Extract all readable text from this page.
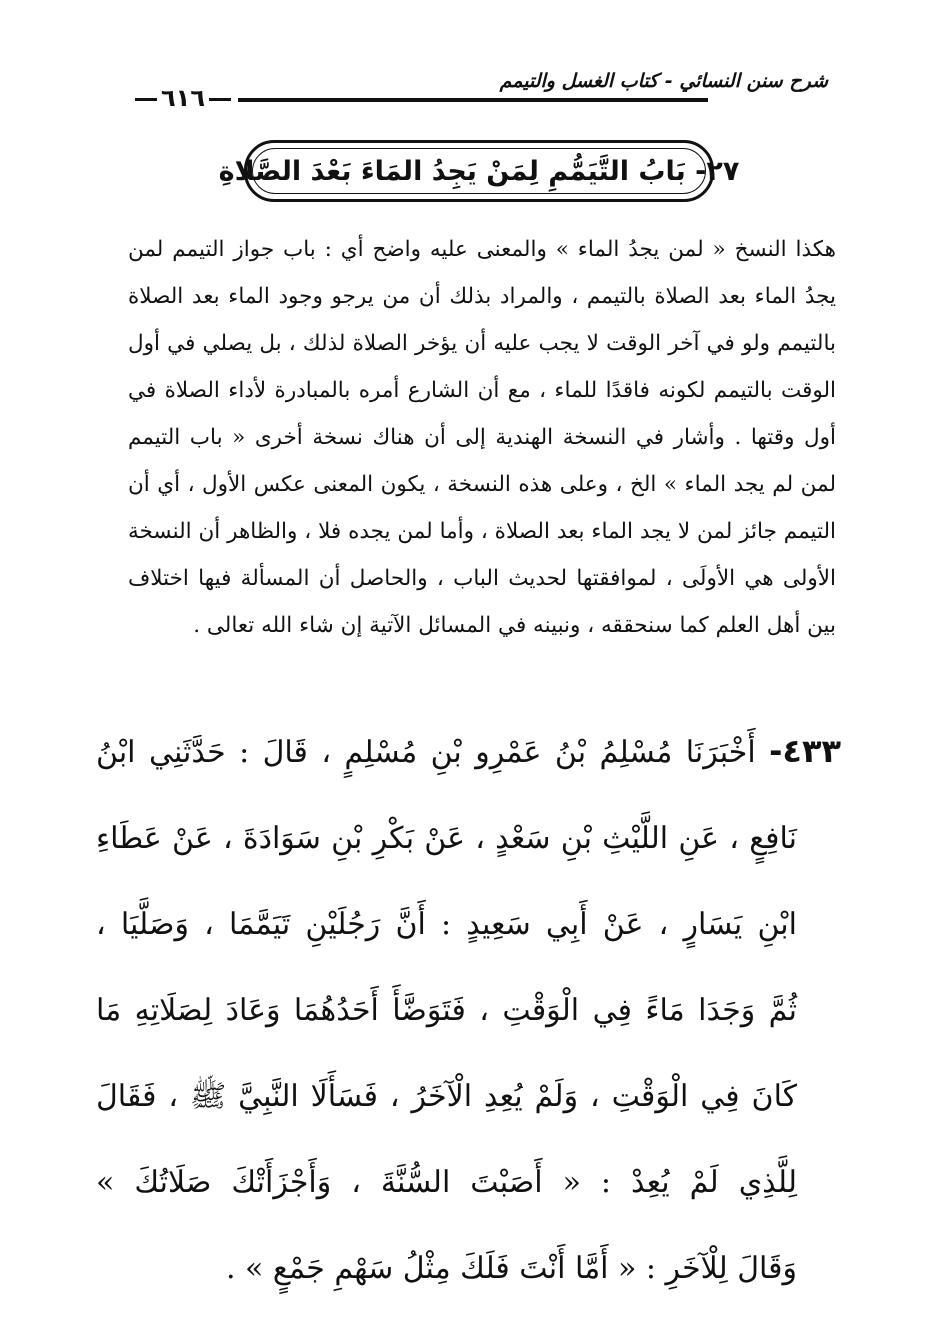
شرح سنن النسائي - كتاب الغسل والتيمم
٦١٦
٢٧- بَابُ التَّيَمُّمِ لِمَنْ يَجِدُ المَاءَ بَعْدَ الصَّلاةِ

هكذا النسخ « لمن يجدُ الماء » والمعنى عليه واضح أي : باب جواز التيمم لمن يجدُ الماء بعد الصلاة بالتيمم ، والمراد بذلك أن من يرجو وجود الماء بعد الصلاة بالتيمم ولو في آخر الوقت لا يجب عليه أن يؤخر الصلاة لذلك ، بل يصلي في أول الوقت بالتيمم لكونه فاقدًا للماء ، مع أن الشارع أمره بالمبادرة لأداء الصلاة في أول وقتها . وأشار في النسخة الهندية إلى أن هناك نسخة أخرى « باب التيمم لمن لم يجد الماء » الخ ، وعلى هذه النسخة ، يكون المعنى عكس الأول ، أي أن التيمم جائز لمن لا يجد الماء بعد الصلاة ، وأما لمن يجده فلا ، والظاهر أن النسخة الأولى هي الأولَى ، لموافقتها لحديث الباب ، والحاصل أن المسألة فيها اختلاف بين أهل العلم كما سنحققه ، ونبينه في المسائل الآتية إن شاء الله تعالى .

٤٣٣- أَخْبَرَنَا مُسْلِمُ بْنُ عَمْرِو بْنِ مُسْلِمٍ ، قَالَ : حَدَّثَنِي ابْنُ

نَافِعٍ ، عَنِ اللَّيْثِ بْنِ سَعْدٍ ، عَنْ بَكْرِ بْنِ سَوَادَةَ ، عَنْ عَطَاءِ

ابْنِ يَسَارٍ ، عَنْ أَبِي سَعِيدٍ : أَنَّ رَجُلَيْنِ تَيَمَّمَا ، وَصَلَّيَا ،

ثُمَّ وَجَدَا مَاءً فِي الْوَقْتِ ، فَتَوَضَّأَ أَحَدُهُمَا وَعَادَ لِصَلَاتِهِ مَا

كَانَ فِي الْوَقْتِ ، وَلَمْ يُعِدِ الْآخَرُ ، فَسَأَلَا النَّبِيَّ ﷺ ، فَقَالَ

لِلَّذِي لَمْ يُعِدْ : « أَصَبْتَ السُّنَّةَ ، وَأَجْزَأَتْكَ صَلَاتُكَ »

وَقَالَ لِلْآخَرِ : « أَمَّا أَنْتَ فَلَكَ مِثْلُ سَهْمِ جَمْعٍ » .
